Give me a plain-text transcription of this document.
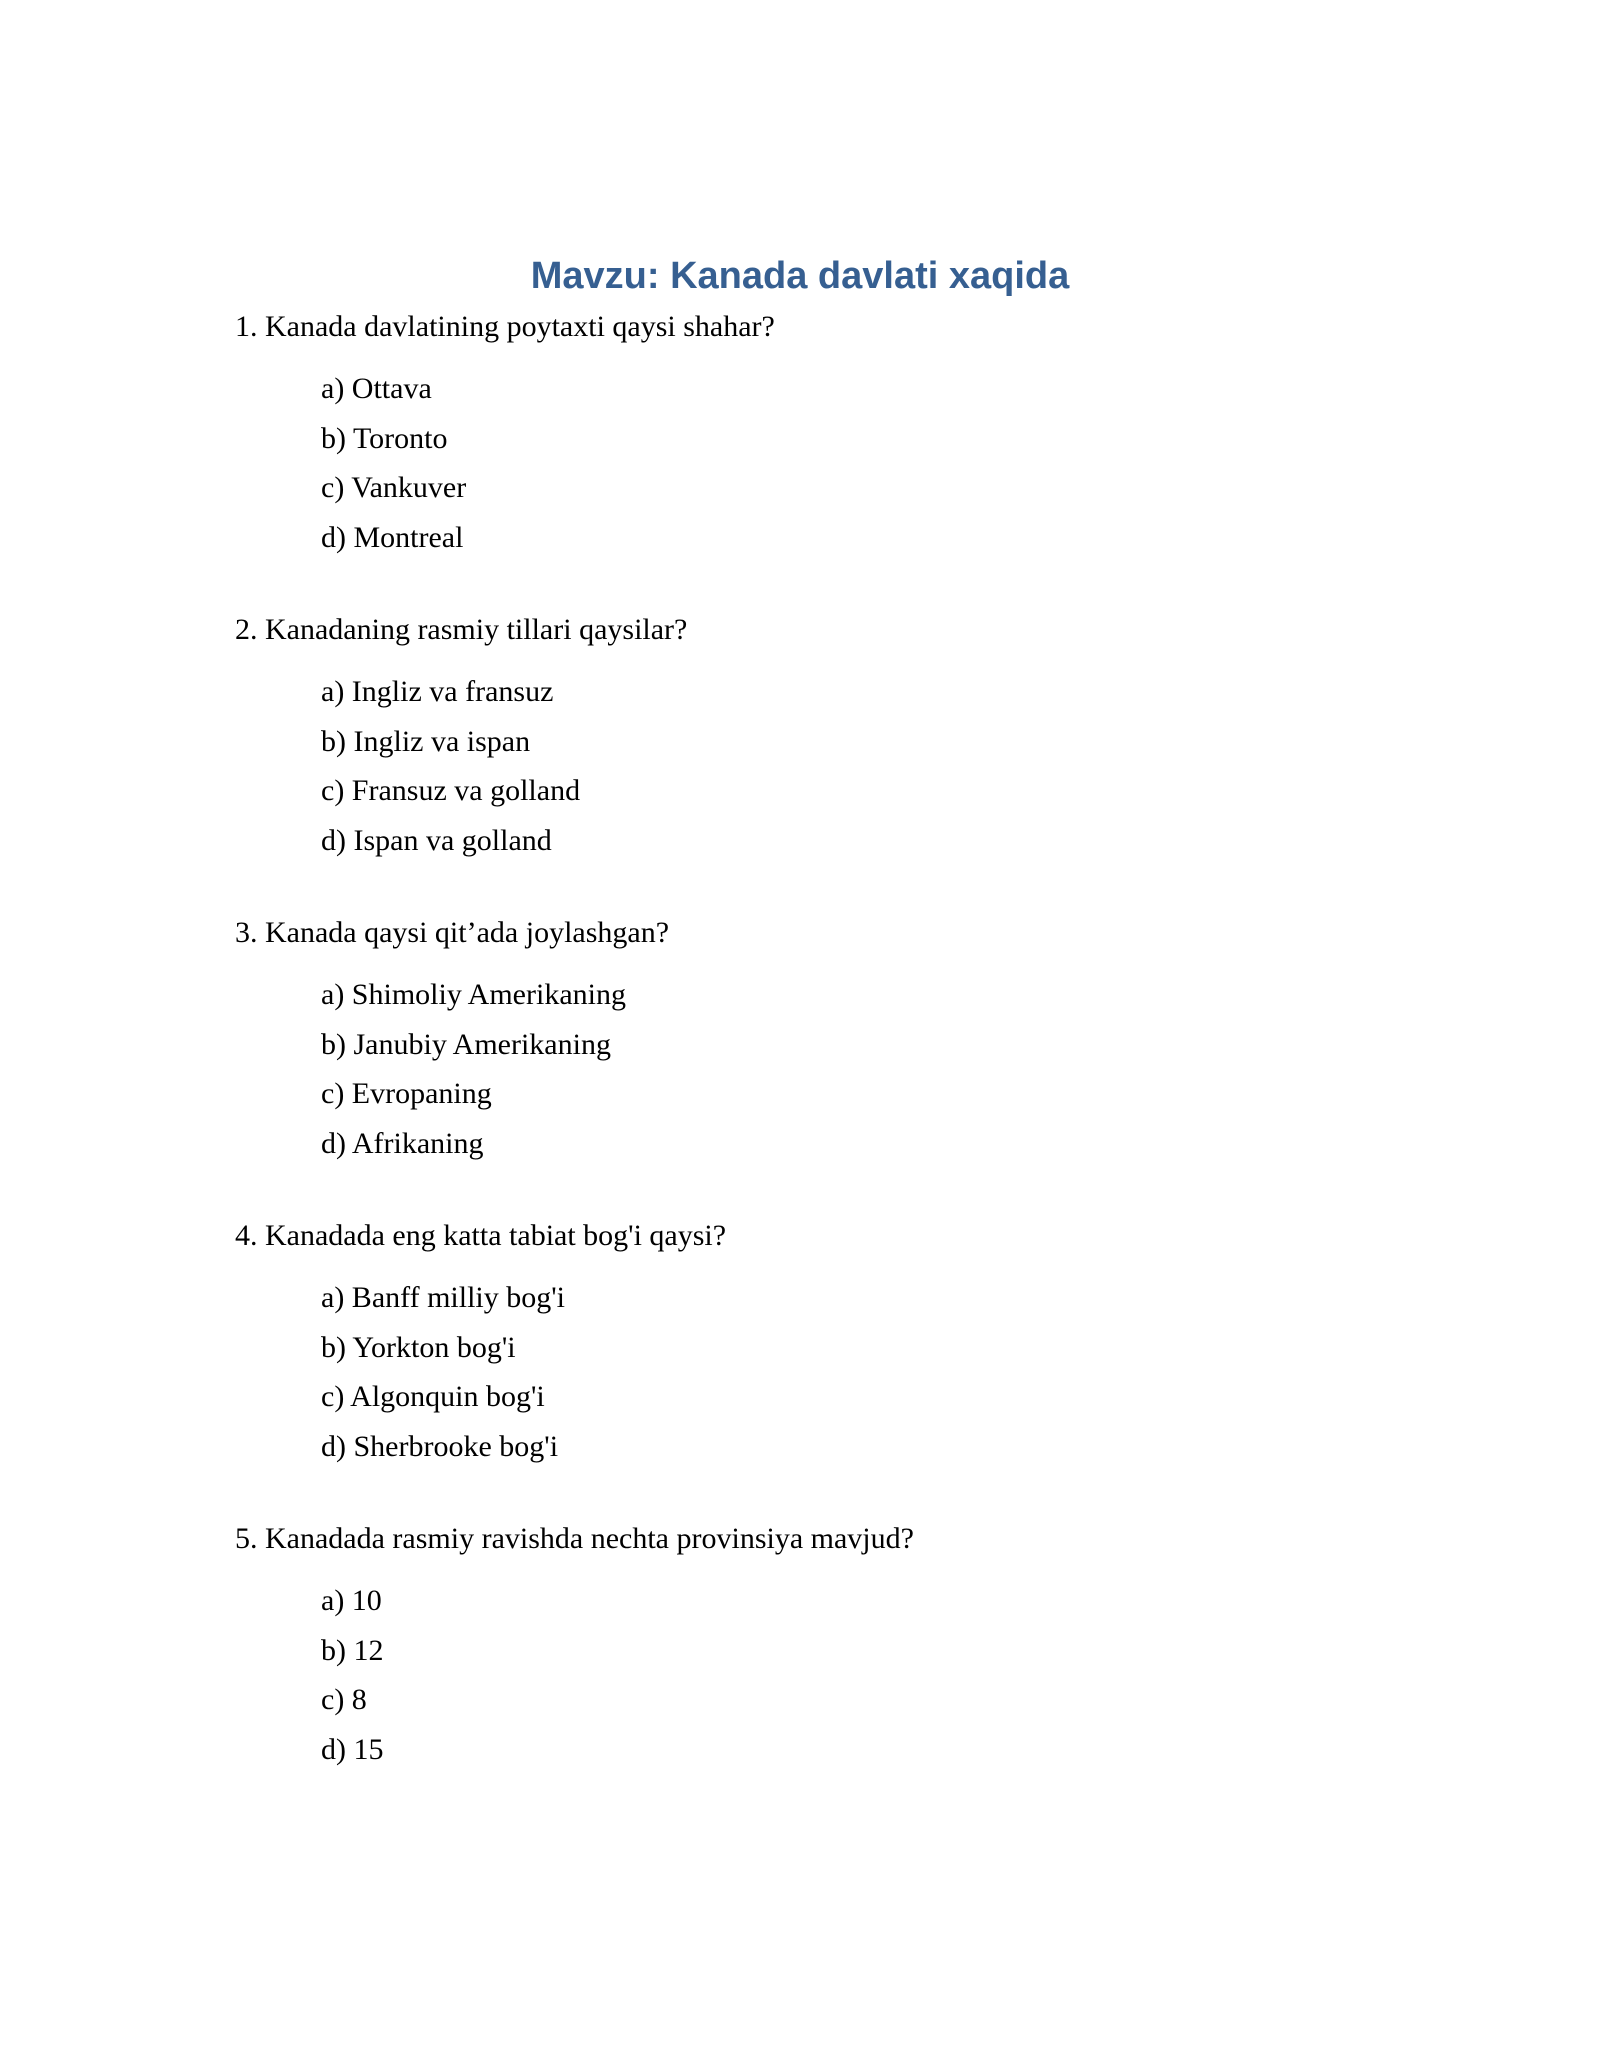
Mavzu: Kanada davlati xaqida
1. Kanada davlatining poytaxti qaysi shahar?
a) Ottava
b) Toronto
c) Vankuver
d) Montreal
2. Kanadaning rasmiy tillari qaysilar?
a) Ingliz va fransuz
b) Ingliz va ispan
c) Fransuz va golland
d) Ispan va golland
3. Kanada qaysi qit’ada joylashgan?
a) Shimoliy Amerikaning
b) Janubiy Amerikaning
c) Evropaning
d) Afrikaning
4. Kanadada eng katta tabiat bog'i qaysi?
a) Banff milliy bog'i
b) Yorkton bog'i
c) Algonquin bog'i
d) Sherbrooke bog'i
5. Kanadada rasmiy ravishda nechta provinsiya mavjud?
a) 10
b) 12
c) 8
d) 15
